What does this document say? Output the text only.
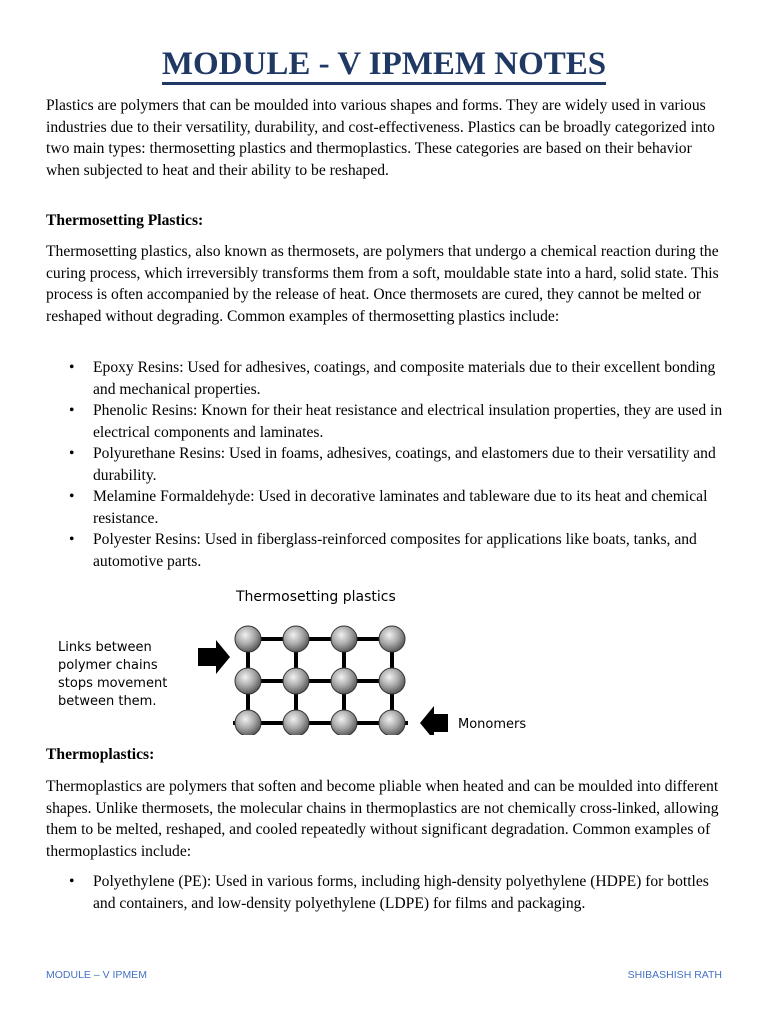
MODULE - V IPMEM NOTES

Plastics are polymers that can be moulded into various shapes and forms. They are widely used in various industries due to their versatility, durability, and cost-effectiveness. Plastics can be broadly categorized into two main types: thermosetting plastics and thermoplastics. These categories are based on their behavior when subjected to heat and their ability to be reshaped.

Thermosetting Plastics:

Thermosetting plastics, also known as thermosets, are polymers that undergo a chemical reaction during the curing process, which irreversibly transforms them from a soft, mouldable state into a hard, solid state. This process is often accompanied by the release of heat. Once thermosets are cured, they cannot be melted or reshaped without degrading. Common examples of thermosetting plastics include:

• Epoxy Resins: Used for adhesives, coatings, and composite materials due to their excellent bonding and mechanical properties.
• Phenolic Resins: Known for their heat resistance and electrical insulation properties, they are used in electrical components and laminates.
• Polyurethane Resins: Used in foams, adhesives, coatings, and elastomers due to their versatility and durability.
• Melamine Formaldehyde: Used in decorative laminates and tableware due to its heat and chemical resistance.
• Polyester Resins: Used in fiberglass-reinforced composites for applications like boats, tanks, and automotive parts.
Thermosetting plastics
Links between
polymer chains
stops movement
between them.
Monomers
Thermoplastics:

Thermoplastics are polymers that soften and become pliable when heated and can be moulded into different shapes. Unlike thermosets, the molecular chains in thermoplastics are not chemically cross-linked, allowing them to be melted, reshaped, and cooled repeatedly without significant degradation. Common examples of thermoplastics include:

• Polyethylene (PE): Used in various forms, including high-density polyethylene (HDPE) for bottles and containers, and low-density polyethylene (LDPE) for films and packaging.
MODULE – V IPMEM	SHIBASHISH RATH
